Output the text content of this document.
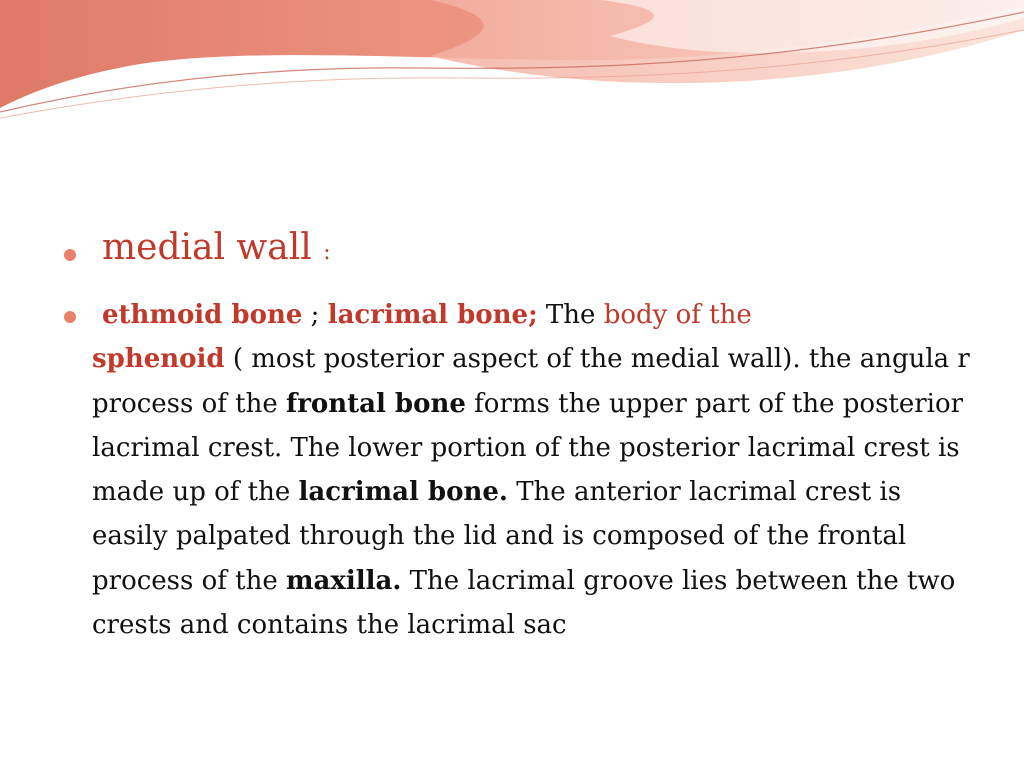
medial wall :
ethmoid bone ; lacrimal bone; The body of the
sphenoid ( most posterior aspect of the medial wall). the angula r process of the frontal bone forms the upper part of the posterior lacrimal crest. The lower portion of the posterior lacrimal crest is made up of the lacrimal bone. The anterior lacrimal crest is easily palpated through the lid and is composed of the frontal process of the maxilla. The lacrimal groove lies between the two crests and contains the lacrimal sac
